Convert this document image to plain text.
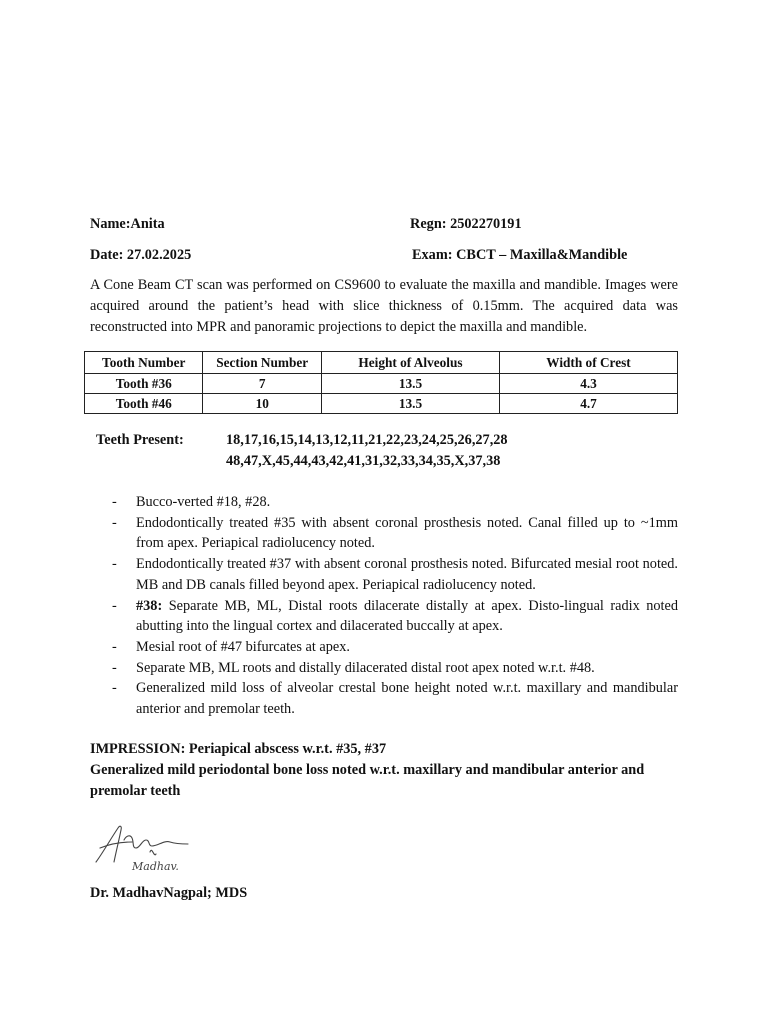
Name:Anita	Regn: 2502270191
Date: 27.02.2025	Exam: CBCT – Maxilla&Mandible
A Cone Beam CT scan was performed on CS9600 to evaluate the maxilla and mandible. Images were acquired around the patient’s head with slice thickness of 0.15mm. The acquired data was reconstructed into MPR and panoramic projections to depict the maxilla and mandible.
Tooth Number	Section Number	Height of Alveolus	Width of Crest
Tooth #36	7	13.5	4.3
Tooth #46	10	13.5	4.7
Teeth Present:	18,17,16,15,14,13,12,11,21,22,23,24,25,26,27,28
48,47,X,45,44,43,42,41,31,32,33,34,35,X,37,38
- Bucco-verted #18, #28.
- Endodontically treated #35 with absent coronal prosthesis noted. Canal filled up to ~1mm from apex. Periapical radiolucency noted.
- Endodontically treated #37 with absent coronal prosthesis noted. Bifurcated mesial root noted. MB and DB canals filled beyond apex. Periapical radiolucency noted.
- #38: Separate MB, ML, Distal roots dilacerate distally at apex. Disto-lingual radix noted abutting into the lingual cortex and dilacerated buccally at apex.
- Mesial root of #47 bifurcates at apex.
- Separate MB, ML roots and distally dilacerated distal root apex noted w.r.t. #48.
- Generalized mild loss of alveolar crestal bone height noted w.r.t. maxillary and mandibular anterior and premolar teeth.
IMPRESSION: Periapical abscess w.r.t. #35, #37
Generalized mild periodontal bone loss noted w.r.t. maxillary and mandibular anterior and premolar teeth
Madhav.
Dr. MadhavNagpal; MDS
